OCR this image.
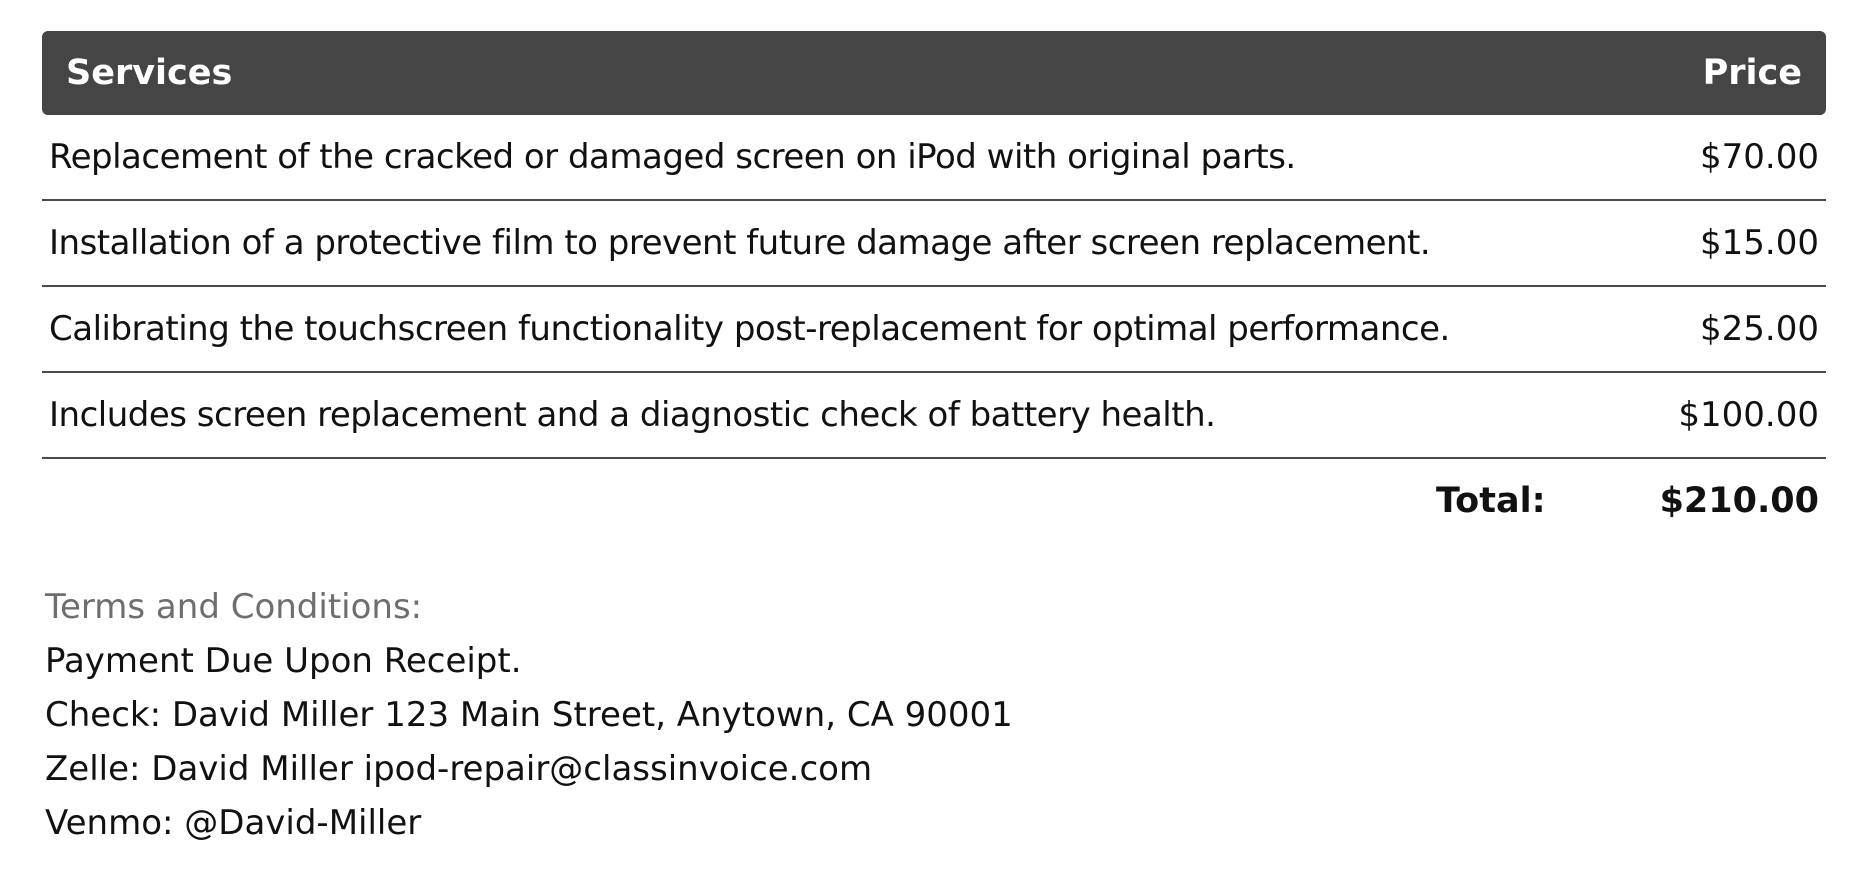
Services	Price
Replacement of the cracked or damaged screen on iPod with original parts.	$70.00
Installation of a protective film to prevent future damage after screen replacement.	$15.00
Calibrating the touchscreen functionality post-replacement for optimal performance.	$25.00
Includes screen replacement and a diagnostic check of battery health.	$100.00
Total:	$210.00
Terms and Conditions:
Payment Due Upon Receipt.
Check: David Miller 123 Main Street, Anytown, CA 90001
Zelle: David Miller ipod-repair@classinvoice.com
Venmo: @David-Miller
